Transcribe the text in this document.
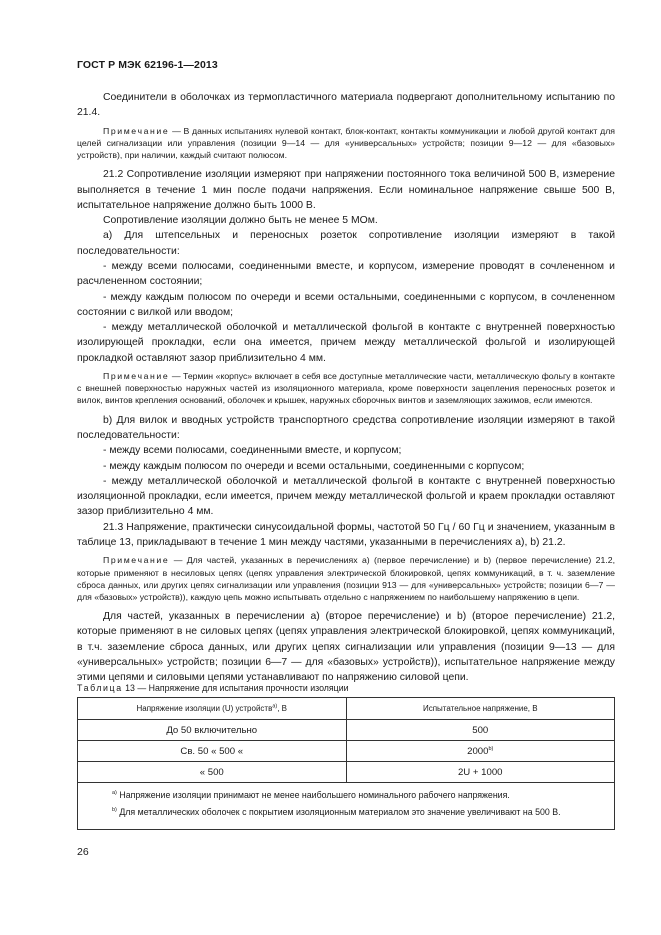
ГОСТ Р МЭК 62196-1—2013

Соединители в оболочках из термопластичного материала подвергают дополнительному испытанию по 21.4.

Примечание — В данных испытаниях нулевой контакт, блок-контакт, контакты коммуникации и любой другой контакт для целей сигнализации или управления (позиции 9—14 — для «универсальных» устройств; позиции 9—12 — для «базовых» устройств), при наличии, каждый считают полюсом.

21.2 Сопротивление изоляции измеряют при напряжении постоянного тока величиной 500 В, измерение выполняется в течение 1 мин после подачи напряжения. Если номинальное напряжение свыше 500 В, испытательное напряжение должно быть 1000 В.

Сопротивление изоляции должно быть не менее 5 МОм.

а) Для штепсельных и переносных розеток сопротивление изоляции измеряют в такой последовательности:

- между всеми полюсами, соединенными вместе, и корпусом, измерение проводят в сочлененном и расчлененном состоянии;

- между каждым полюсом по очереди и всеми остальными, соединенными с корпусом, в сочлененном состоянии с вилкой или вводом;

- между металлической оболочкой и металлической фольгой в контакте с внутренней поверхностью изолирующей прокладки, если она имеется, причем между металлической фольгой и изолирующей прокладкой оставляют зазор приблизительно 4 мм.

Примечание — Термин «корпус» включает в себя все доступные металлические части, металлическую фольгу в контакте с внешней поверхностью наружных частей из изоляционного материала, кроме поверхности зацепления переносных розеток и вилок, винтов крепления оснований, оболочек и крышек, наружных сборочных винтов и заземляющих зажимов, если имеются.

b) Для вилок и вводных устройств транспортного средства сопротивление изоляции измеряют в такой последовательности:

- между всеми полюсами, соединенными вместе, и корпусом;

- между каждым полюсом по очереди и всеми остальными, соединенными с корпусом;

- между металлической оболочкой и металлической фольгой в контакте с внутренней поверхностью изоляционной прокладки, если имеется, причем между металлической фольгой и краем прокладки оставляют зазор приблизительно 4 мм.

21.3 Напряжение, практически синусоидальной формы, частотой 50 Гц / 60 Гц и значением, указанным в таблице 13, прикладывают в течение 1 мин между частями, указанными в перечислениях а), b) 21.2.

Примечание — Для частей, указанных в перечислениях а) (первое перечисление) и b) (первое перечисление) 21.2, которые применяют в несиловых цепях (цепях управления электрической блокировкой, цепях коммуникаций, в т. ч. заземление сброса данных, или других цепях сигнализации или управления (позиции 913 — для «универсальных» устройств; позиции 6—7 — для «базовых» устройств)), каждую цепь можно испытывать отдельно с напряжением по наибольшему напряжению в цепи.

Для частей, указанных в перечислении а) (второе перечисление) и b) (второе перечисление) 21.2, которые применяют в не силовых цепях (цепях управления электрической блокировкой, цепях коммуникаций, в т.ч. заземление сброса данных, или других цепях сигнализации или управления (позиции 9—13 — для «универсальных» устройств; позиции 6—7 — для «базовых» устройств)), испытательное напряжение между этими цепями и силовыми цепями устанавливают по напряжению силовой цепи.

Таблица 13 — Напряжение для испытания прочности изоляции
Напряжение изоляции (U) устройств$^{a)}$, В	Испытательное напряжение, В
До 50 включительно	500
Св. 50 « 500 «	2000$^{b)}$
« 500	2U + 1000

$^{a)}$ Напряжение изоляции принимают не менее наибольшего номинального рабочего напряжения.

$^{b)}$ Для металлических оболочек с покрытием изоляционным материалом это значение увеличивают на 500 В.	

26
